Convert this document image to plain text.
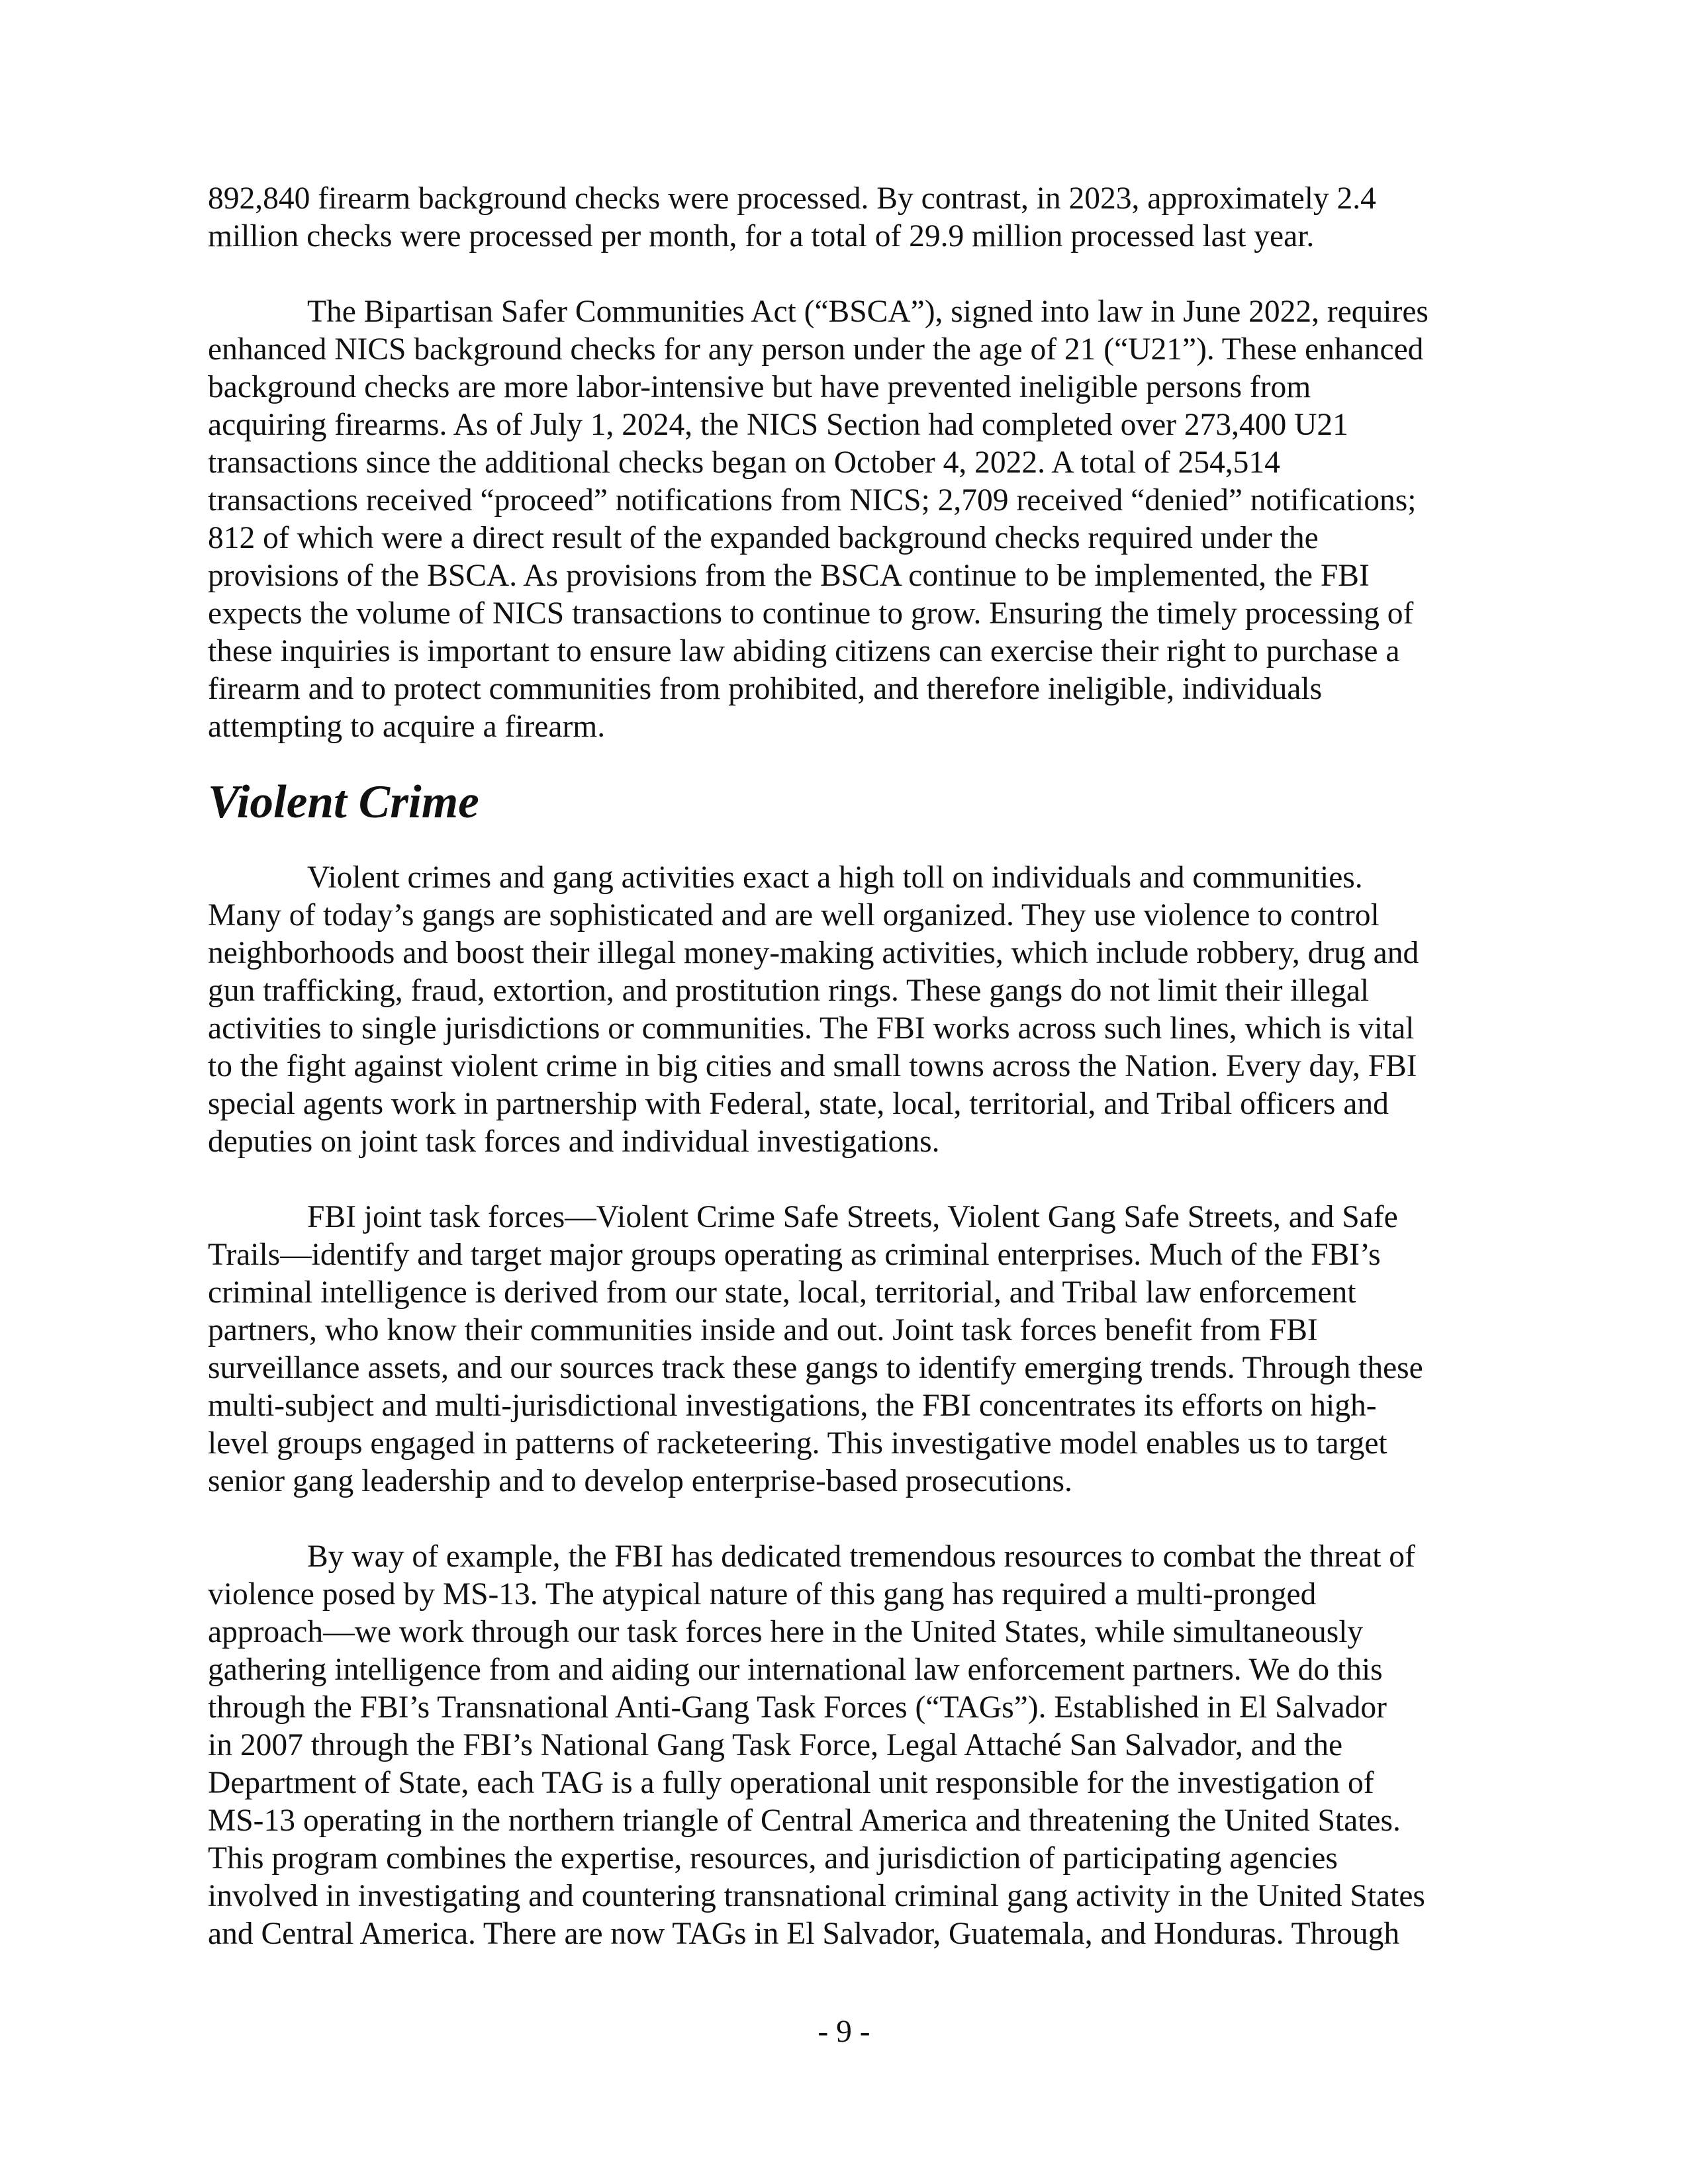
892,840 firearm background checks were processed. By contrast, in 2023, approximately 2.4
million checks were processed per month, for a total of 29.9 million processed last year.

The Bipartisan Safer Communities Act (“BSCA”), signed into law in June 2022, requires
enhanced NICS background checks for any person under the age of 21 (“U21”). These enhanced
background checks are more labor-intensive but have prevented ineligible persons from
acquiring firearms. As of July 1, 2024, the NICS Section had completed over 273,400 U21
transactions since the additional checks began on October 4, 2022. A total of 254,514
transactions received “proceed” notifications from NICS; 2,709 received “denied” notifications;
812 of which were a direct result of the expanded background checks required under the
provisions of the BSCA. As provisions from the BSCA continue to be implemented, the FBI
expects the volume of NICS transactions to continue to grow. Ensuring the timely processing of
these inquiries is important to ensure law abiding citizens can exercise their right to purchase a
firearm and to protect communities from prohibited, and therefore ineligible, individuals
attempting to acquire a firearm.

Violent Crime

Violent crimes and gang activities exact a high toll on individuals and communities.
Many of today’s gangs are sophisticated and are well organized. They use violence to control
neighborhoods and boost their illegal money-making activities, which include robbery, drug and
gun trafficking, fraud, extortion, and prostitution rings. These gangs do not limit their illegal
activities to single jurisdictions or communities. The FBI works across such lines, which is vital
to the fight against violent crime in big cities and small towns across the Nation. Every day, FBI
special agents work in partnership with Federal, state, local, territorial, and Tribal officers and
deputies on joint task forces and individual investigations.

FBI joint task forces—Violent Crime Safe Streets, Violent Gang Safe Streets, and Safe
Trails—identify and target major groups operating as criminal enterprises. Much of the FBI’s
criminal intelligence is derived from our state, local, territorial, and Tribal law enforcement
partners, who know their communities inside and out. Joint task forces benefit from FBI
surveillance assets, and our sources track these gangs to identify emerging trends. Through these
multi-subject and multi-jurisdictional investigations, the FBI concentrates its efforts on high-
level groups engaged in patterns of racketeering. This investigative model enables us to target
senior gang leadership and to develop enterprise-based prosecutions.

By way of example, the FBI has dedicated tremendous resources to combat the threat of
violence posed by MS-13. The atypical nature of this gang has required a multi-pronged
approach—we work through our task forces here in the United States, while simultaneously
gathering intelligence from and aiding our international law enforcement partners. We do this
through the FBI’s Transnational Anti-Gang Task Forces (“TAGs”). Established in El Salvador
in 2007 through the FBI’s National Gang Task Force, Legal Attaché San Salvador, and the
Department of State, each TAG is a fully operational unit responsible for the investigation of
MS-13 operating in the northern triangle of Central America and threatening the United States.
This program combines the expertise, resources, and jurisdiction of participating agencies
involved in investigating and countering transnational criminal gang activity in the United States
and Central America. There are now TAGs in El Salvador, Guatemala, and Honduras. Through

- 9 -
